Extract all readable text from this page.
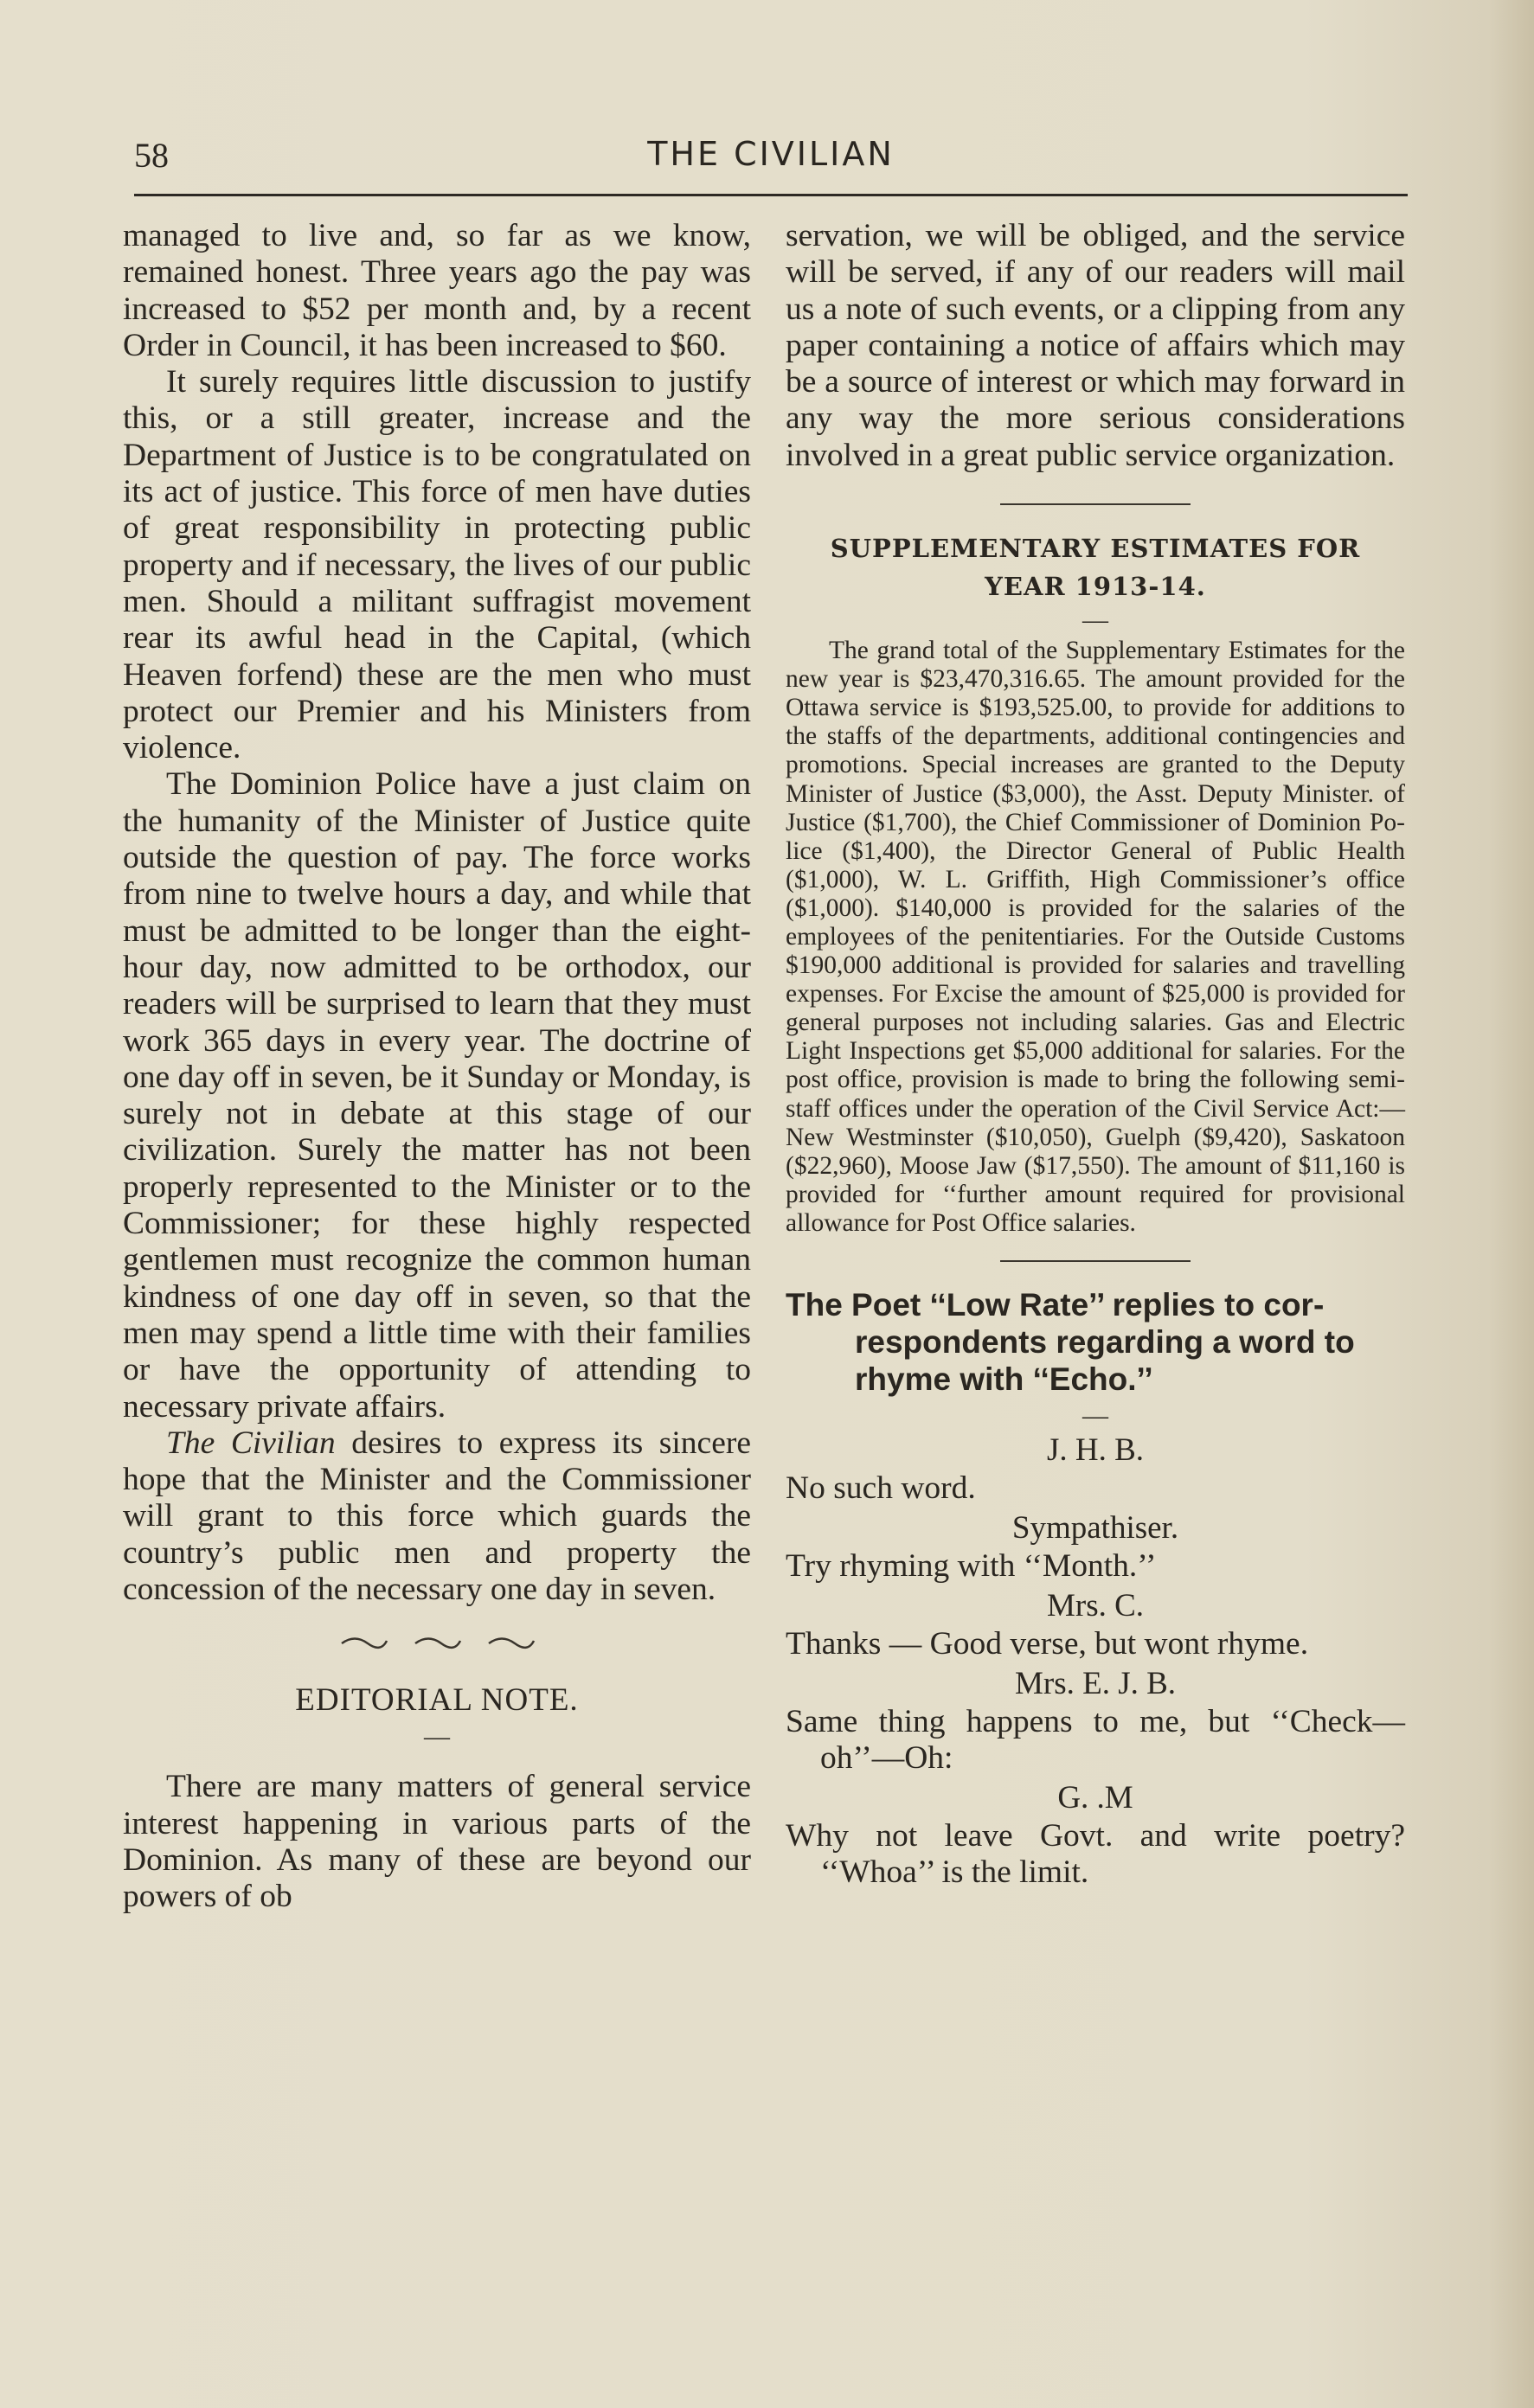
58	THE CIVILIAN

managed to live and, so far as we know, remained honest. Three years ago the pay was increased to $52 per month and, by a recent Order in Council, it has been increased to $60.

It surely requires little discussion to justify this, or a still greater, increase and the Department of Justice is to be congratulated on its act of justice. This force of men have duties of great responsibility in protecting public property and if necessary, the lives of our public men. Should a militant suffragist movement rear its awful head in the Capital, (which Heaven forfend) these are the men who must protect our Premier and his Ministers from violence.

The Dominion Police have a just claim on the humanity of the Minister of Justice quite outside the question of pay. The force works from nine to twelve hours a day, and while that must be admitted to be longer than the eight-hour day, now admitted to be orthodox, our readers will be surprised to learn that they must work 365 days in every year. The doctrine of one day off in seven, be it Sunday or Monday, is surely not in debate at this stage of our civilization. Surely the matter has not been properly represented to the Minister or to the Commissioner; for these highly respected gentlemen must recognize the common human kindness of one day off in seven, so that the men may spend a little time with their families or have the opportunity of attending to necessary private affairs.

The Civilian desires to express its sincere hope that the Minister and the Commissioner will grant to this force which guards the country’s public men and property the concession of the necessary one day in seven.

EDITORIAL NOTE.

—

There are many matters of general service interest happening in various parts of the Dominion. As many of these are beyond our powers of ob

servation, we will be obliged, and the service will be served, if any of our readers will mail us a note of such events, or a clipping from any paper containing a notice of affairs which may be a source of interest or which may forward in any way the more serious considerations involved in a great public service organization.

SUPPLEMENTARY ESTIMATES FOR
YEAR 1913-14.

—

The grand total of the Supplementary Estimates for the new year is $23,470,316.65. The amount provided for the Ottawa service is $193,525.00, to provide for additions to the staffs of the departments, additional contingencies and promotions. Special increases are granted to the Deputy Minister of Justice ($3,000), the Asst. Deputy Minister. of Justice ($1,700), the Chief Commissioner of Dominion Police ($1,400), the Director General of Public Health ($1,000), W. L. Griffith, High Commissioner’s office ($1,000). $140,000 is provided for the salaries of the employees of the penitentiaries. For the Outside Customs $190,000 additional is provided for salaries and travelling expenses. For Excise the amount of $25,000 is provided for general purposes not including salaries. Gas and Electric Light Inspections get $5,000 additional for salaries. For the post office, provision is made to bring the following semi-staff offices under the operation of the Civil Service Act:—New Westminster ($10,050), Guelph ($9,420), Saskatoon ($22,960), Moose Jaw ($17,550). The amount of $11,160 is provided for ‘‘further amount required for provisional allowance for Post Office salaries.

The Poet ‘‘Low Rate’’ replies to correspondents regarding a word to rhyme with ‘‘Echo.’’

—

J. H. B.

No such word.

Sympathiser.

Try rhyming with ‘‘Month.’’

Mrs. C.

Thanks — Good verse, but wont rhyme.

Mrs. E. J. B.

Same thing happens to me, but ‘‘Check—oh’’—Oh:

G. .M

Why not leave Govt. and write poetry? ‘‘Whoa’’ is the limit.
